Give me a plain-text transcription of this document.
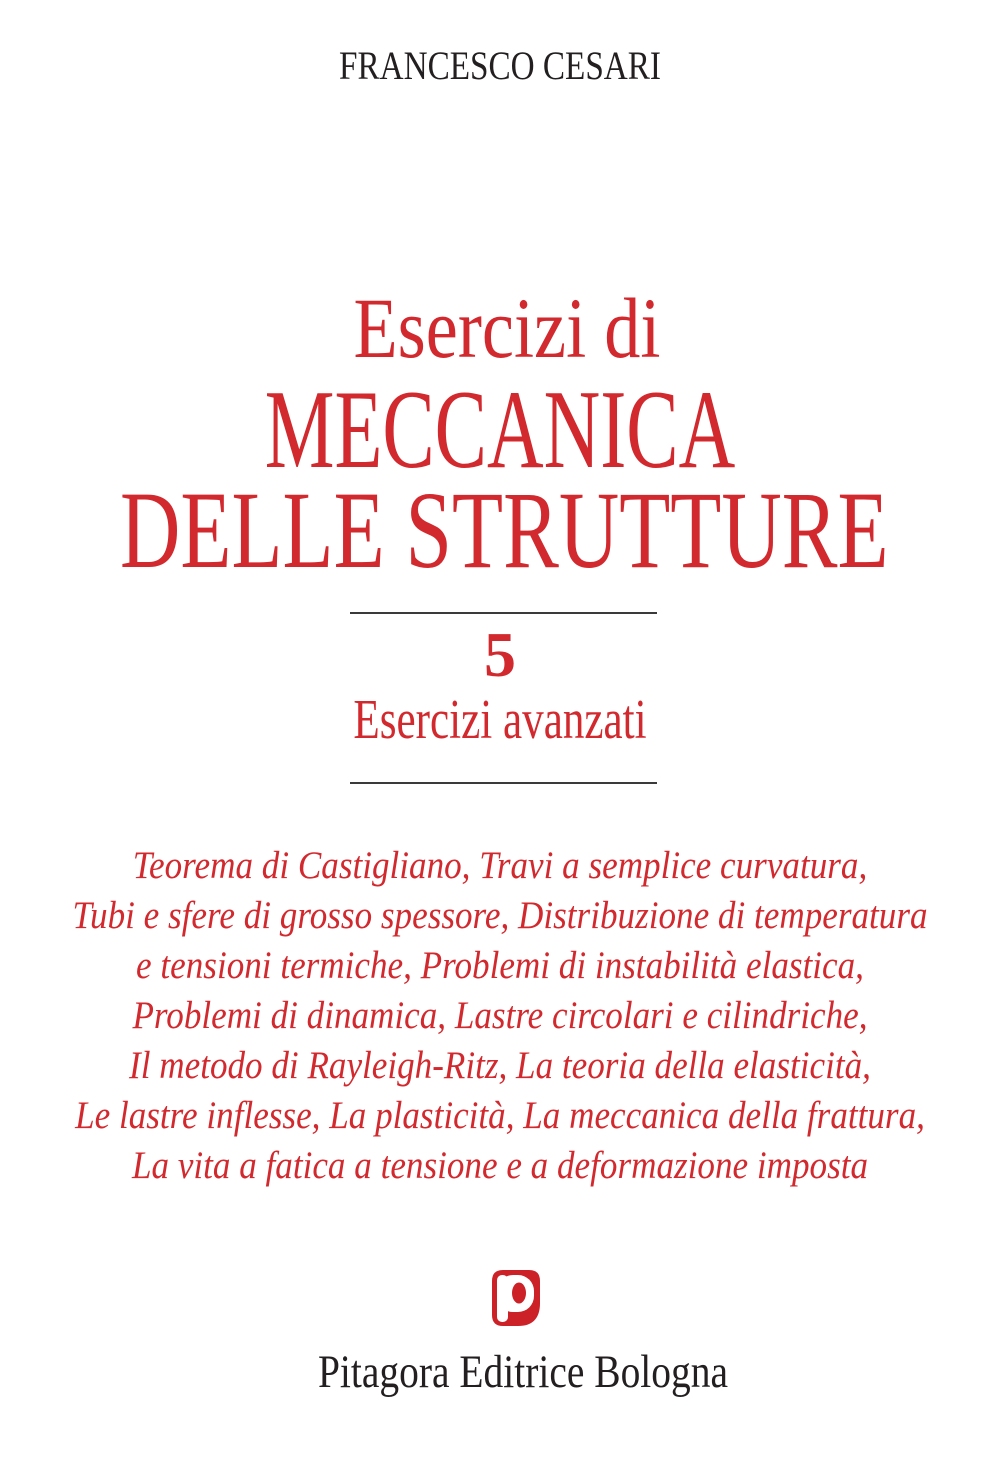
FRANCESCO CESARI
Esercizi di
MECCANICA
DELLE STRUTTURE
5
Esercizi avanzati
Teorema di Castigliano, Travi a semplice curvatura,
Tubi e sfere di grosso spessore, Distribuzione di temperatura
e tensioni termiche, Problemi di instabilità elastica,
Problemi di dinamica, Lastre circolari e cilindriche,
Il metodo di Rayleigh-Ritz, La teoria della elasticità,
Le lastre inflesse, La plasticità, La meccanica della frattura,
La vita a fatica a tensione e a deformazione imposta
Pitagora Editrice Bologna
